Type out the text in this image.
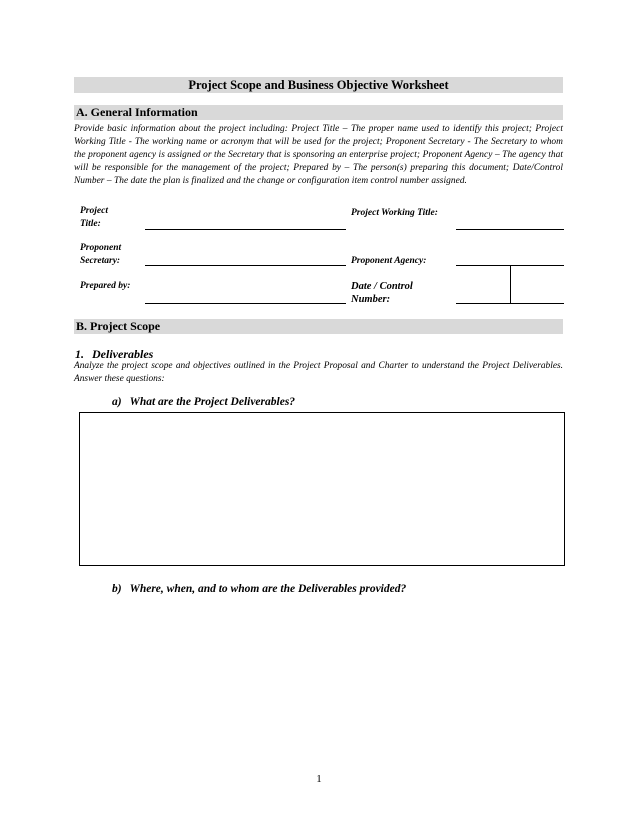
Project Scope and Business Objective Worksheet
A. General Information
Provide basic information about the project including: Project Title – The proper name used to identify this project; Project Working Title - The working name or acronym that will be used for the project; Proponent Secretary - The Secretary to whom the proponent agency is assigned or the Secretary that is sponsoring an enterprise project; Proponent Agency – The agency that will be responsible for the management of the project; Prepared by – The person(s) preparing this document; Date/Control Number – The date the plan is finalized and the change or configuration item control number assigned.
Project
Title:
Project Working Title:
Proponent
Secretary:	Proponent Agency:
Prepared by:	Date / Control
Number:
B. Project Scope
1. Deliverables
Analyze the project scope and objectives outlined in the Project Proposal and Charter to understand the Project Deliverables. Answer these questions:
a) What are the Project Deliverables?
b) Where, when, and to whom are the Deliverables provided?
1
